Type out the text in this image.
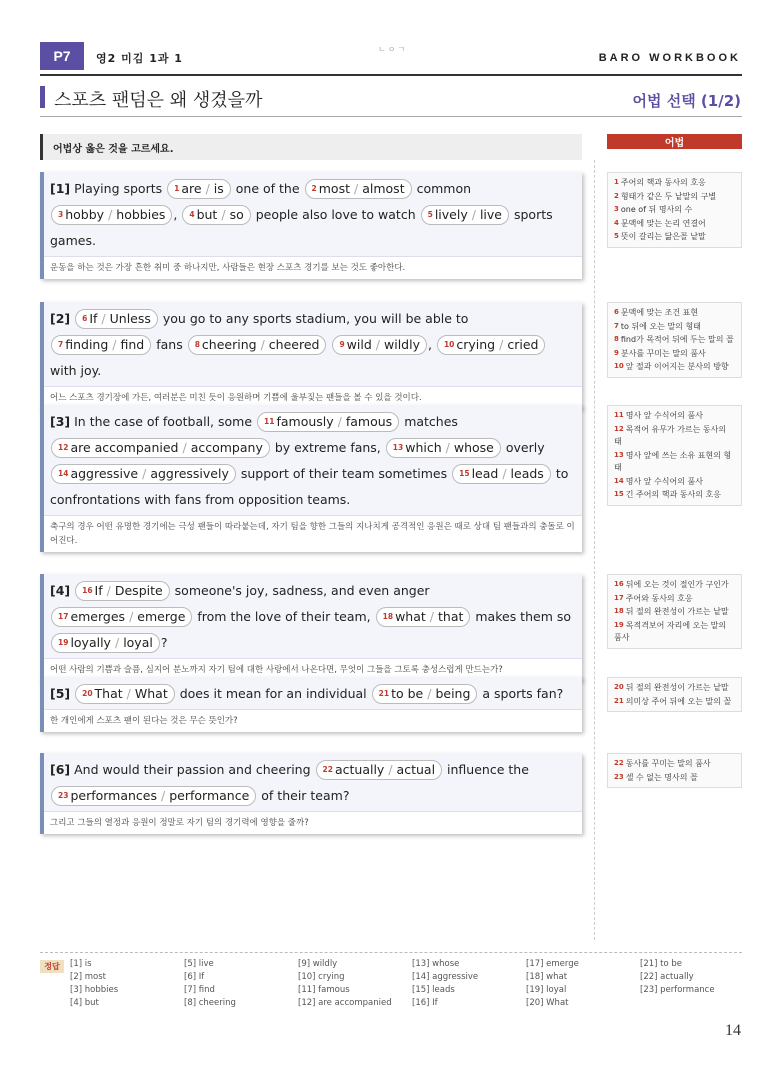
P7	영2 미김 1과 1
ㄴㅇㄱ
BARO WORKBOOK
스포츠 팬덤은 왜 생겼을까	어법 선택 (1/2)
어법상 옳은 것을 고르세요.	어법
[1] Playing sports 1 are / is one of the 2 most / almost common 3 hobby / hobbies , 4 but / so people also love to watch 5 lively / live sports games.
운동을 하는 것은 가장 흔한 취미 중 하나지만, 사람들은 현장 스포츠 경기를 보는 것도 좋아한다.
[2] 6 If / Unless you go to any sports stadium, you will be able to 7 finding / find fans 8 cheering / cheered	9 wild / wildly , 10 crying / cried with joy.
어느 스포츠 경기장에 가든, 여러분은 미친 듯이 응원하며 기쁨에 울부짖는 팬들을 볼 수 있을 것이다.
[3] In the case of football, some 11 famously / famous matches 12 are accompanied / accompany by extreme fans, 13 which / whose overly 14 aggressive / aggressively support of their team sometimes 15 lead / leads to confrontations with fans from opposition teams.
축구의 경우 어떤 유명한 경기에는 극성 팬들이 따라붙는데, 자기 팀을 향한 그들의 지나치게 공격적인 응원은 때로 상대 팀 팬들과의 충돌로 이어진다.
[4] 16 If / Despite someone's joy, sadness, and even anger 17 emerges / emerge from the love of their team, 18 what / that makes them so 19 loyally / loyal ?
어떤 사람의 기쁨과 슬픔, 심지어 분노까지 자기 팀에 대한 사랑에서 나온다면, 무엇이 그들을 그토록 충성스럽게 만드는가?
[5] 20 That / What does it mean for an individual 21 to be / being a sports fan?
한 개인에게 스포츠 팬이 된다는 것은 무슨 뜻인가?
[6] And would their passion and cheering 22 actually / actual influence the 23 performances / performance of their team?
그리고 그들의 열정과 응원이 정말로 자기 팀의 경기력에 영향을 줄까?
1 주어의 핵과 동사의 호응
2 형태가 같은 두 낱말의 구별
3 one of 뒤 명사의 수
4 문맥에 맞는 논리 연결어
5 뜻이 갈리는 닮은꼴 낱말
6 문맥에 맞는 조건 표현
7 to 뒤에 오는 말의 형태
8 find가 목적어 뒤에 두는 말의 꼴
9 분사를 꾸미는 말의 품사
10 앞 절과 이어지는 분사의 방향
11 명사 앞 수식어의 품사
12 목적어 유무가 가르는 동사의 태
13 명사 앞에 쓰는 소유 표현의 형태
14 명사 앞 수식어의 품사
15 긴 주어의 핵과 동사의 호응
16 뒤에 오는 것이 절인가 구인가
17 주어와 동사의 호응
18 뒤 절의 완전성이 가르는 낱말
19 목적격보어 자리에 오는 말의 품사
20 뒤 절의 완전성이 가르는 낱말
21 의미상 주어 뒤에 오는 말의 꼴
22 동사를 꾸미는 말의 품사
23 셀 수 없는 명사의 꼴
정답	[1] is
[2] most
[3] hobbies
[4] but
[5] live
[6] If
[7] find
[8] cheering
[9] wildly
[10] crying
[11] famous
[12] are accompanied
[13] whose
[14] aggressive
[15] leads
[16] If
[17] emerge
[18] what
[19] loyal
[20] What
[21] to be
[22] actually
[23] performance
14
